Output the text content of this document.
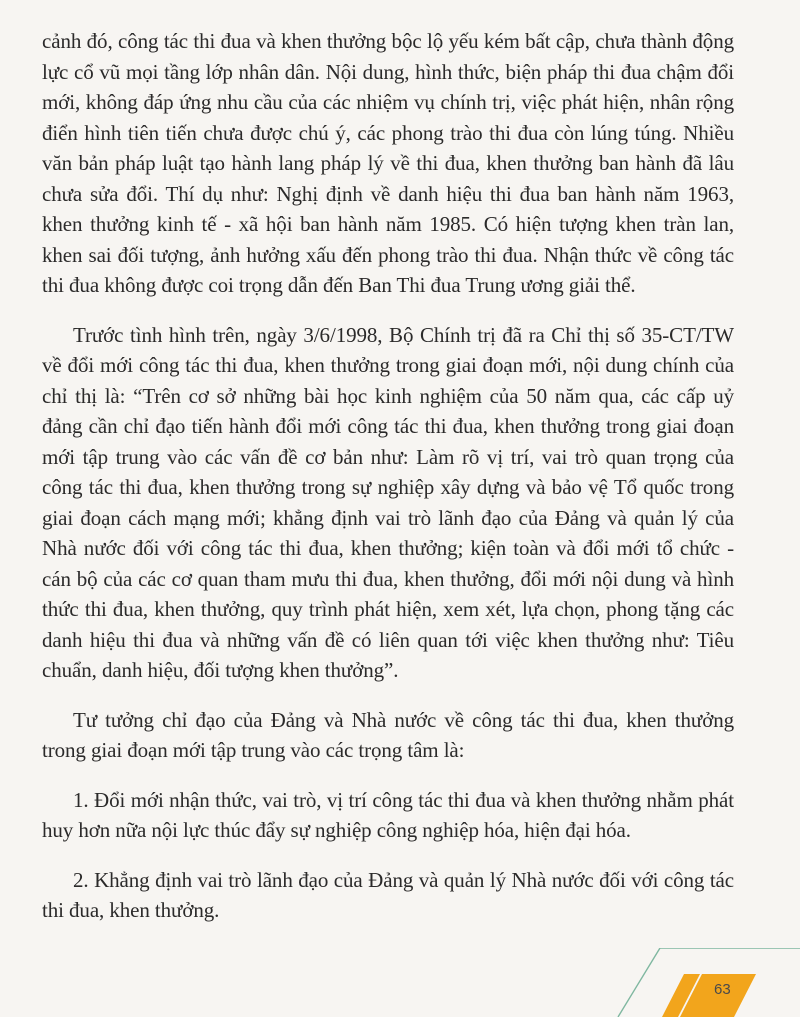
cảnh đó, công tác thi đua và khen thưởng bộc lộ yếu kém bất cập, chưa thành động lực cổ vũ mọi tầng lớp nhân dân. Nội dung, hình thức, biện pháp thi đua chậm đổi mới, không đáp ứng nhu cầu của các nhiệm vụ chính trị, việc phát hiện, nhân rộng điển hình tiên tiến chưa được chú ý, các phong trào thi đua còn lúng túng. Nhiều văn bản pháp luật tạo hành lang pháp lý về thi đua, khen thưởng ban hành đã lâu chưa sửa đổi. Thí dụ như: Nghị định về danh hiệu thi đua ban hành năm 1963, khen thưởng kinh tế - xã hội ban hành năm 1985. Có hiện tượng khen tràn lan, khen sai đối tượng, ảnh hưởng xấu đến phong trào thi đua. Nhận thức về công tác thi đua không được coi trọng dẫn đến Ban Thi đua Trung ương giải thể.

Trước tình hình trên, ngày 3/6/1998, Bộ Chính trị đã ra Chỉ thị số 35-CT/TW về đổi mới công tác thi đua, khen thưởng trong giai đoạn mới, nội dung chính của chỉ thị là: “Trên cơ sở những bài học kinh nghiệm của 50 năm qua, các cấp uỷ đảng cần chỉ đạo tiến hành đổi mới công tác thi đua, khen thưởng trong giai đoạn mới tập trung vào các vấn đề cơ bản như: Làm rõ vị trí, vai trò quan trọng của công tác thi đua, khen thưởng trong sự nghiệp xây dựng và bảo vệ Tổ quốc trong giai đoạn cách mạng mới; khẳng định vai trò lãnh đạo của Đảng và quản lý của Nhà nước đối với công tác thi đua, khen thưởng; kiện toàn và đổi mới tổ chức - cán bộ của các cơ quan tham mưu thi đua, khen thưởng, đổi mới nội dung và hình thức thi đua, khen thưởng, quy trình phát hiện, xem xét, lựa chọn, phong tặng các danh hiệu thi đua và những vấn đề có liên quan tới việc khen thưởng như: Tiêu chuẩn, danh hiệu, đối tượng khen thưởng”.

Tư tưởng chỉ đạo của Đảng và Nhà nước về công tác thi đua, khen thưởng trong giai đoạn mới tập trung vào các trọng tâm là:

1. Đổi mới nhận thức, vai trò, vị trí công tác thi đua và khen thưởng nhằm phát huy hơn nữa nội lực thúc đẩy sự nghiệp công nghiệp hóa, hiện đại hóa.

2. Khẳng định vai trò lãnh đạo của Đảng và quản lý Nhà nước đối với công tác thi đua, khen thưởng.

63
